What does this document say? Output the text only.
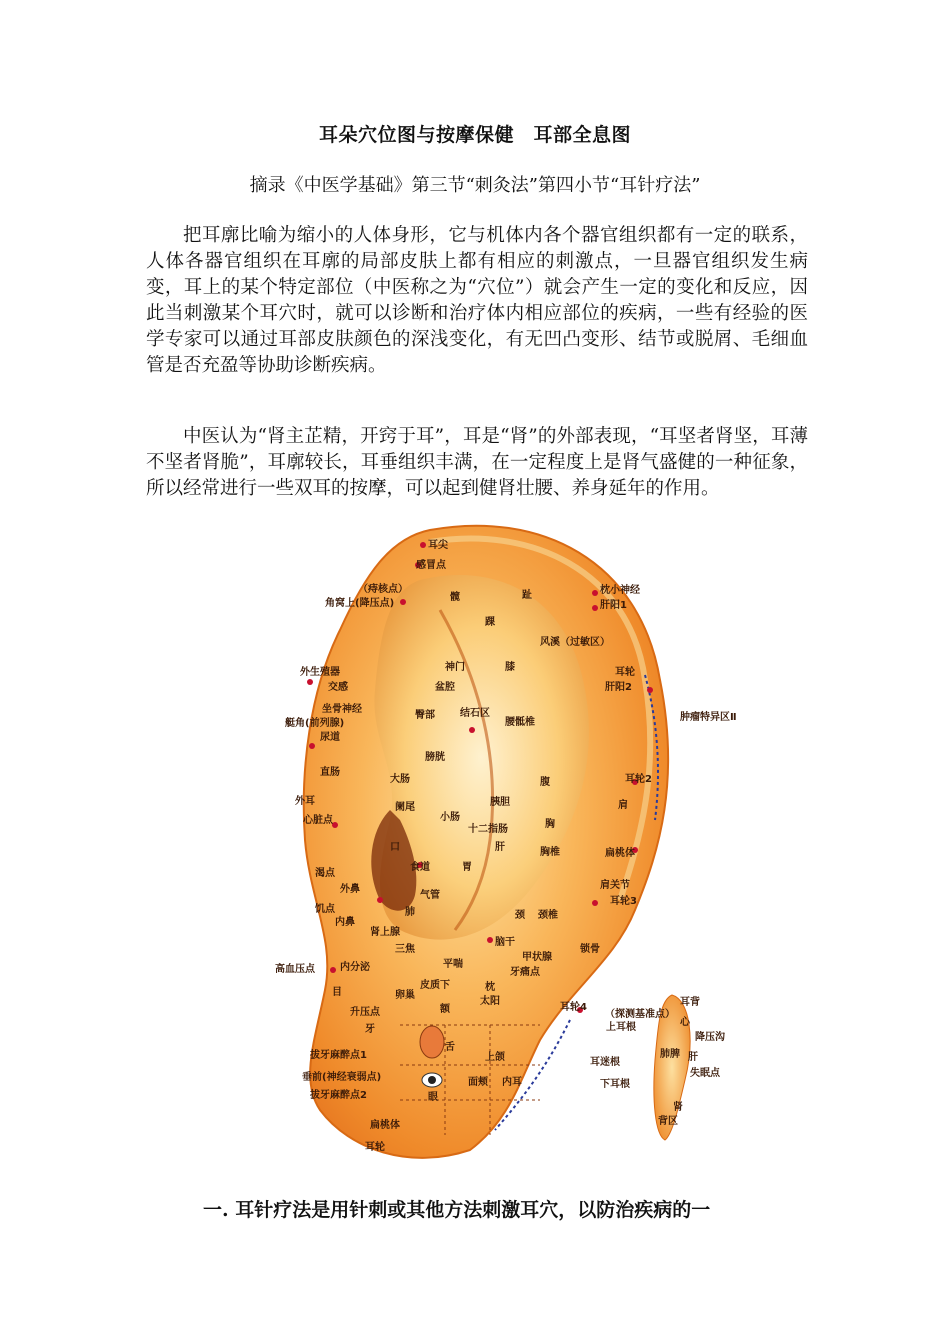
耳朵穴位图与按摩保健　耳部全息图
摘录《中医学基础》第三节“刺灸法”第四小节“耳针疗法”

把耳廓比喻为缩小的人体身形，它与机体内各个器官组织都有一定的联系，人体各器官组织在耳廓的局部皮肤上都有相应的刺激点，一旦器官组织发生病变，耳上的某个特定部位（中医称之为“穴位”）就会产生一定的变化和反应，因此当刺激某个耳穴时，就可以诊断和治疗体内相应部位的疾病，一些有经验的医学专家可以通过耳部皮肤颜色的深浅变化，有无凹凸变形、结节或脱屑、毛细血管是否充盈等协助诊断疾病。

中医认为“肾主芷精，开窍于耳”，耳是“肾”的外部表现，“耳坚者肾坚，耳薄不坚者肾脆”，耳廓较长，耳垂组织丰满，在一定程度上是肾气盛健的一种征象，所以经常进行一些双耳的按摩，可以起到健肾壮腰、养身延年的作用。

耳尖
感冒点
（痔核点）
角窝上(降压点)
枕小神经
肝阳1
风溪（过敏区）
外生殖器
交感
坐骨神经
艇角(前列腺)
尿道
直肠
外耳
心脏点
渴点
外鼻
饥点
内鼻
高血压点	内分泌
目
升压点
耳轮
肝阳2
肿瘤特异区Ⅱ
耳轮2
肩
扁桃体
肩关节
耳轮3
锁骨
牙痛点
耳轮4
上颌
面颊 内耳
牙
舌
眼
拔牙麻醉点1
垂前(神经衰弱点)
拔牙麻醉点2
扁桃体
耳轮
胰胆
肝
胃
肺
气管
食道
口
膀胱
小肠
大肠
阑尾
十二指肠
膝
髋
踝
趾
胸椎
腰骶椎
颈椎
胸
腹
颈
枕
太阳
额
脑干
甲状腺
神门
盆腔
臀部	结石区
平喘
皮质下
卵巢
肾上腺
三焦
耳背
上耳根
降压沟
耳迷根
下耳根
（探测基准点）
心
肺 肝
脾
失眠点
肾
背区
一. 耳针疗法是用针刺或其他方法刺激耳穴，以防治疾病的一
